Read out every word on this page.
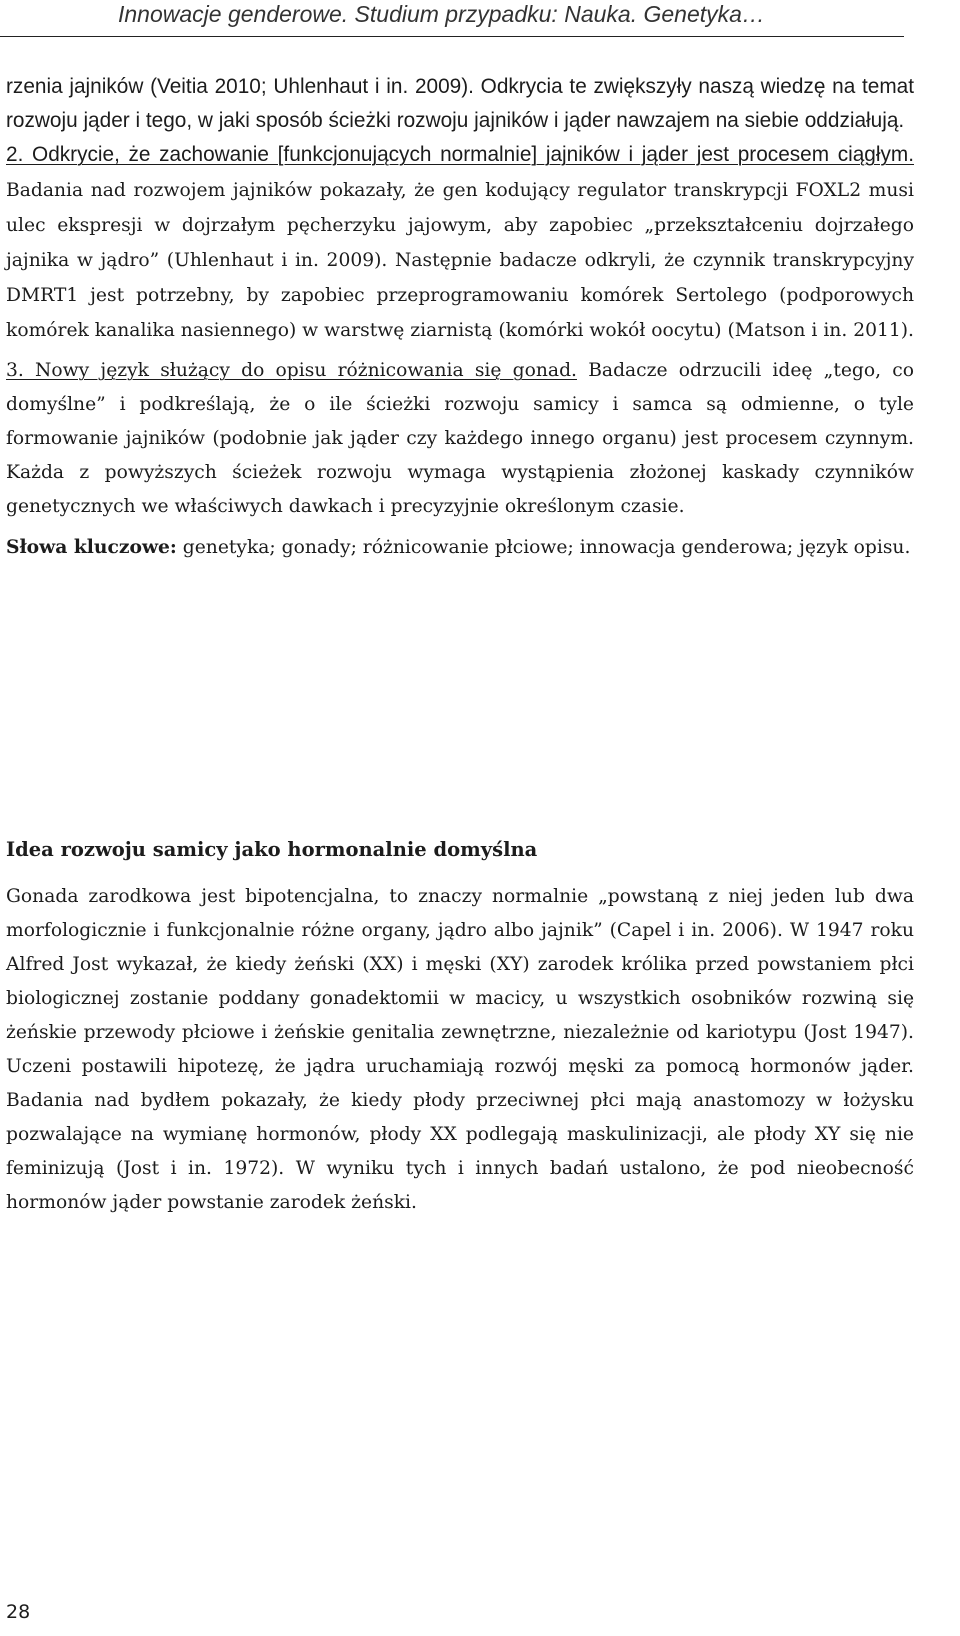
Innowacje genderowe. Studium przypadku: Nauka. Genetyka…

rzenia jajników (Veitia 2010; Uhlenhaut i in. 2009). Odkrycia te zwiększyły naszą wiedzę na temat rozwoju jąder i tego, w jaki sposób ścieżki rozwoju jajników i jąder nawzajem na siebie oddziałują.

2. Odkrycie, że zachowanie [funkcjonujących normalnie] jajników i jąder jest procesem ciągłym. Badania nad rozwojem jajników pokazały, że gen kodujący regulator transkrypcji FOXL2 musi ulec ekspresji w dojrzałym pęcherzyku jajowym, aby zapobiec „przekształceniu dojrzałego jajnika w jądro” (Uhlenhaut i in. 2009). Następnie badacze odkryli, że czynnik transkrypcyjny DMRT1 jest potrzebny, by zapobiec przeprogramowaniu komórek Sertolego (podporowych komórek kanalika nasiennego) w warstwę ziarnistą (komórki wokół oocytu) (Matson i in. 2011).

3. Nowy język służący do opisu różnicowania się gonad. Badacze odrzucili ideę „tego, co domyślne” i podkreślają, że o ile ścieżki rozwoju samicy i samca są odmienne, o tyle formowanie jajników (podobnie jak jąder czy każdego innego organu) jest procesem czynnym. Każda z powyższych ścieżek rozwoju wymaga wystąpienia złożonej kaskady czynników genetycznych we właściwych dawkach i precyzyjnie określonym czasie.

Słowa kluczowe: genetyka; gonady; różnicowanie płciowe; innowacja genderowa; język opisu.

Idea rozwoju samicy jako hormonalnie domyślna

Gonada zarodkowa jest bipotencjalna, to znaczy normalnie „powstaną z niej jeden lub dwa morfologicznie i funkcjonalnie różne organy, jądro albo jajnik” (Capel i in. 2006). W 1947 roku Alfred Jost wykazał, że kiedy żeński (XX) i męski (XY) zarodek królika przed powstaniem płci biologicznej zostanie poddany gonadektomii w macicy, u wszystkich osobników rozwiną się żeńskie przewody płciowe i żeńskie genitalia zewnętrzne, niezależnie od kariotypu (Jost 1947). Uczeni postawili hipotezę, że jądra uruchamiają rozwój męski za pomocą hormonów jąder. Badania nad bydłem pokazały, że kiedy płody przeciwnej płci mają anastomozy w łożysku pozwalające na wymianę hormonów, płody XX podlegają maskulinizacji, ale płody XY się nie feminizują (Jost i in. 1972). W wyniku tych i innych badań ustalono, że pod nieobecność hormonów jąder powstanie zarodek żeński.

28
